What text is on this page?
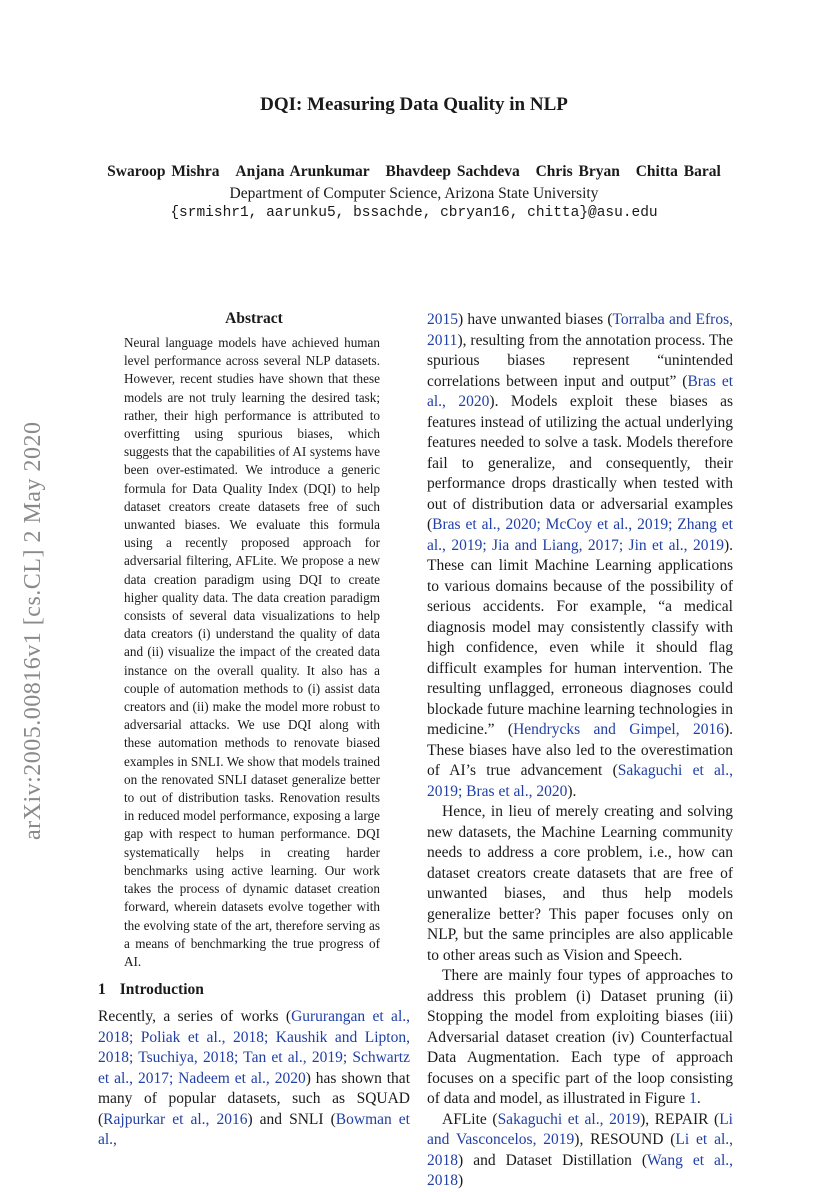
DQI: Measuring Data Quality in NLP
Swaroop Mishra Anjana Arunkumar Bhavdeep Sachdeva Chris Bryan Chitta Baral
Department of Computer Science, Arizona State University
{srmishr1, aarunku5, bssachde, cbryan16, chitta}@asu.edu
arXiv:2005.00816v1 [cs.CL] 2 May 2020
Abstract

Neural language models have achieved human level performance across several NLP datasets. However, recent studies have shown that these models are not truly learning the desired task; rather, their high performance is attributed to overfitting using spurious biases, which suggests that the capabilities of AI systems have been over-estimated. We introduce a generic formula for Data Quality Index (DQI) to help dataset creators create datasets free of such unwanted biases. We evaluate this formula using a recently proposed approach for adversarial filtering, AFLite. We propose a new data creation paradigm using DQI to create higher quality data. The data creation paradigm consists of several data visualizations to help data creators (i) understand the quality of data and (ii) visualize the impact of the created data instance on the overall quality. It also has a couple of automation methods to (i) assist data creators and (ii) make the model more robust to adversarial attacks. We use DQI along with these automation methods to renovate biased examples in SNLI. We show that models trained on the renovated SNLI dataset generalize better to out of distribution tasks. Renovation results in reduced model performance, exposing a large gap with respect to human performance. DQI systematically helps in creating harder benchmarks using active learning. Our work takes the process of dynamic dataset creation forward, wherein datasets evolve together with the evolving state of the art, therefore serving as a means of benchmarking the true progress of AI.

1 Introduction

Recently, a series of works (Gururangan et al., 2018; Poliak et al., 2018; Kaushik and Lipton, 2018; Tsuchiya, 2018; Tan et al., 2019; Schwartz et al., 2017; Nadeem et al., 2020) has shown that many of popular datasets, such as SQUAD (Rajpurkar et al., 2016) and SNLI (Bowman et al.,

2015) have unwanted biases (Torralba and Efros, 2011), resulting from the annotation process. The spurious biases represent “unintended correlations between input and output” (Bras et al., 2020). Models exploit these biases as features instead of utilizing the actual underlying features needed to solve a task. Models therefore fail to generalize, and consequently, their performance drops drastically when tested with out of distribution data or adversarial examples (Bras et al., 2020; McCoy et al., 2019; Zhang et al., 2019; Jia and Liang, 2017; Jin et al., 2019). These can limit Machine Learning applications to various domains because of the possibility of serious accidents. For example, “a medical diagnosis model may consistently classify with high confidence, even while it should flag difficult examples for human intervention. The resulting unflagged, erroneous diagnoses could blockade future machine learning technologies in medicine.” (Hendrycks and Gimpel, 2016). These biases have also led to the overestimation of AI’s true advancement (Sakaguchi et al., 2019; Bras et al., 2020).

Hence, in lieu of merely creating and solving new datasets, the Machine Learning community needs to address a core problem, i.e., how can dataset creators create datasets that are free of unwanted biases, and thus help models generalize better? This paper focuses only on NLP, but the same principles are also applicable to other areas such as Vision and Speech.

There are mainly four types of approaches to address this problem (i) Dataset pruning (ii) Stopping the model from exploiting biases (iii) Adversarial dataset creation (iv) Counterfactual Data Augmentation. Each type of approach focuses on a specific part of the loop consisting of data and model, as illustrated in Figure 1.

AFLite (Sakaguchi et al., 2019), REPAIR (Li and Vasconcelos, 2019), RESOUND (Li et al., 2018) and Dataset Distillation (Wang et al., 2018)
